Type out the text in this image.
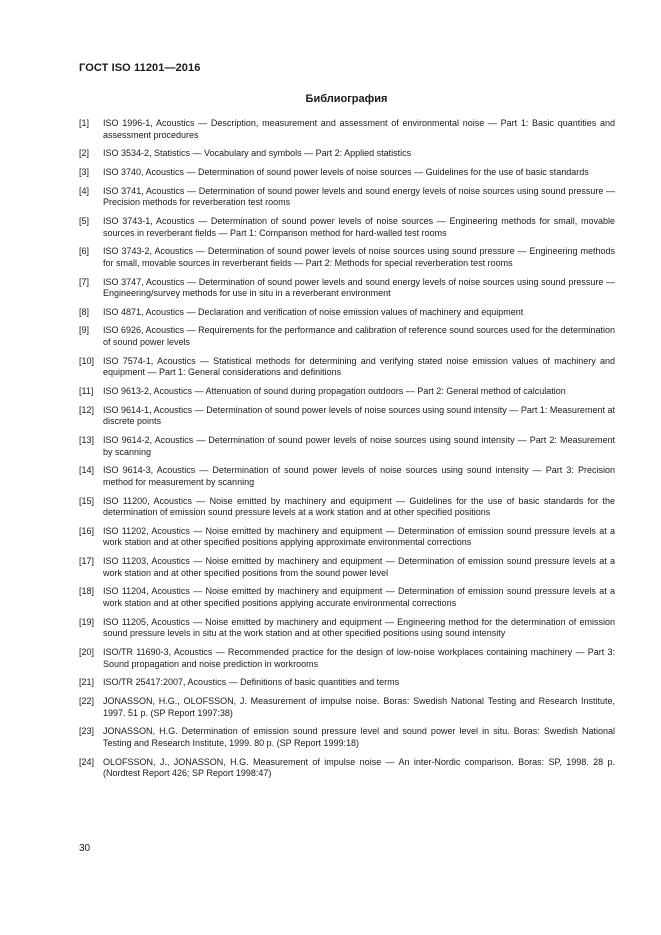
ГОСТ ISO 11201—2016
Библиография
[1]	ISO 1996-1, Acoustics — Description, measurement and assessment of environmental noise — Part 1: Basic quantities and assessment procedures
[2]	ISO 3534-2, Statistics — Vocabulary and symbols — Part 2: Applied statistics
[3]	ISO 3740, Acoustics — Determination of sound power levels of noise sources — Guidelines for the use of basic standards
[4]	ISO 3741, Acoustics — Determination of sound power levels and sound energy levels of noise sources using sound pressure — Precision methods for reverberation test rooms
[5]	ISO 3743-1, Acoustics — Determination of sound power levels of noise sources — Engineering methods for small, movable sources in reverberant fields — Part 1: Comparison method for hard-walled test rooms
[6]	ISO 3743-2, Acoustics — Determination of sound power levels of noise sources using sound pressure — Engineering methods for small, movable sources in reverberant fields — Part 2: Methods for special reverberation test rooms
[7]	ISO 3747, Acoustics — Determination of sound power levels and sound energy levels of noise sources using sound pressure — Engineering/survey methods for use in situ in a reverberant environment
[8]	ISO 4871, Acoustics — Declaration and verification of noise emission values of machinery and equipment
[9]	ISO 6926, Acoustics — Requirements for the performance and calibration of reference sound sources used for the determination of sound power levels
[10] ISO 7574-1, Acoustics — Statistical methods for determining and verifying stated noise emission values of machinery and equipment — Part 1: General considerations and definitions
[11]	ISO 9613-2, Acoustics — Attenuation of sound during propagation outdoors — Part 2: General method of calculation
[12] ISO 9614-1, Acoustics — Determination of sound power levels of noise sources using sound intensity — Part 1: Measurement at discrete points
[13] ISO 9614-2, Acoustics — Determination of sound power levels of noise sources using sound intensity — Part 2: Measurement by scanning
[14] ISO 9614-3, Acoustics — Determination of sound power levels of noise sources using sound intensity — Part 3: Precision method for measurement by scanning
[15] ISO 11200, Acoustics — Noise emitted by machinery and equipment — Guidelines for the use of basic standards for the determination of emission sound pressure levels at a work station and at other specified positions
[16] ISO 11202, Acoustics — Noise emitted by machinery and equipment — Determination of emission sound pressure levels at a work station and at other specified positions applying approximate environmental corrections
[17] ISO 11203, Acoustics — Noise emitted by machinery and equipment — Determination of emission sound pressure levels at a work station and at other specified positions from the sound power level
[18] ISO 11204, Acoustics — Noise emitted by machinery and equipment — Determination of emission sound pressure levels at a work station and at other specified positions applying accurate environmental corrections
[19] ISO 11205, Acoustics — Noise emitted by machinery and equipment — Engineering method for the determination of emission sound pressure levels in situ at the work station and at other specified positions using sound intensity
[20] ISO/TR 11690-3, Acoustics — Recommended practice for the design of low-noise workplaces containing machinery — Part 3: Sound propagation and noise prediction in workrooms
[21] ISO/TR 25417:2007, Acoustics — Definitions of basic quantities and terms
[22] JONASSON, H.G., OLOFSSON, J. Measurement of impulse noise. Boras: Swedish National Testing and Research Institute, 1997. 51 p. (SP Report 1997:38)
[23] JONASSON, H.G. Determination of emission sound pressure level and sound power level in situ. Boras: Swedish National Testing and Research Institute, 1999. 80 p. (SP Report 1999:18)
[24] OLOFSSON, J., JONASSON, H.G. Measurement of impulse noise — An inter-Nordic comparison. Boras: SP, 1998. 28 p. (Nordtest Report 426; SP Report 1998:47)
30
